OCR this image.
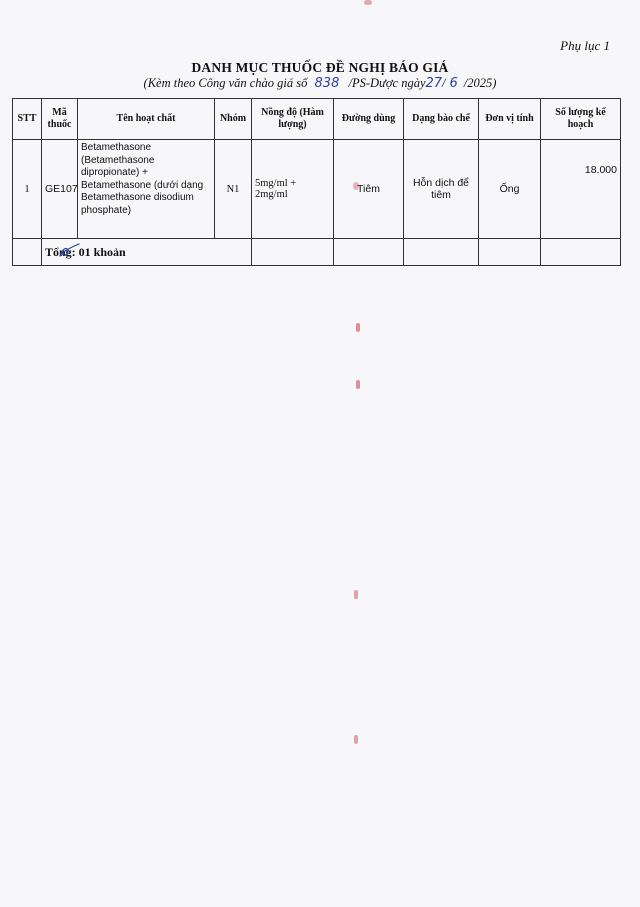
Phụ lục 1
DANH MỤC THUỐC ĐỀ NGHỊ BÁO GIÁ
(Kèm theo Công văn chào giá số 838 /PS-Dược ngày27/ 6 /2025)
STT	Mã thuốc	Tên hoạt chất	Nhóm	Nồng độ (Hàm lượng)	Đường dùng	Dạng bào chế	Đơn vị tính	Số lượng kế hoạch
1	GE107	Betamethasone (Betamethasone dipropionate) + Betamethasone (dưới dạng Betamethasone disodium phosphate)	N1	5mg/ml + 2mg/ml	Tiêm	Hỗn dịch để tiêm	Ống	18.000
	Tổng: 01 khoản							
